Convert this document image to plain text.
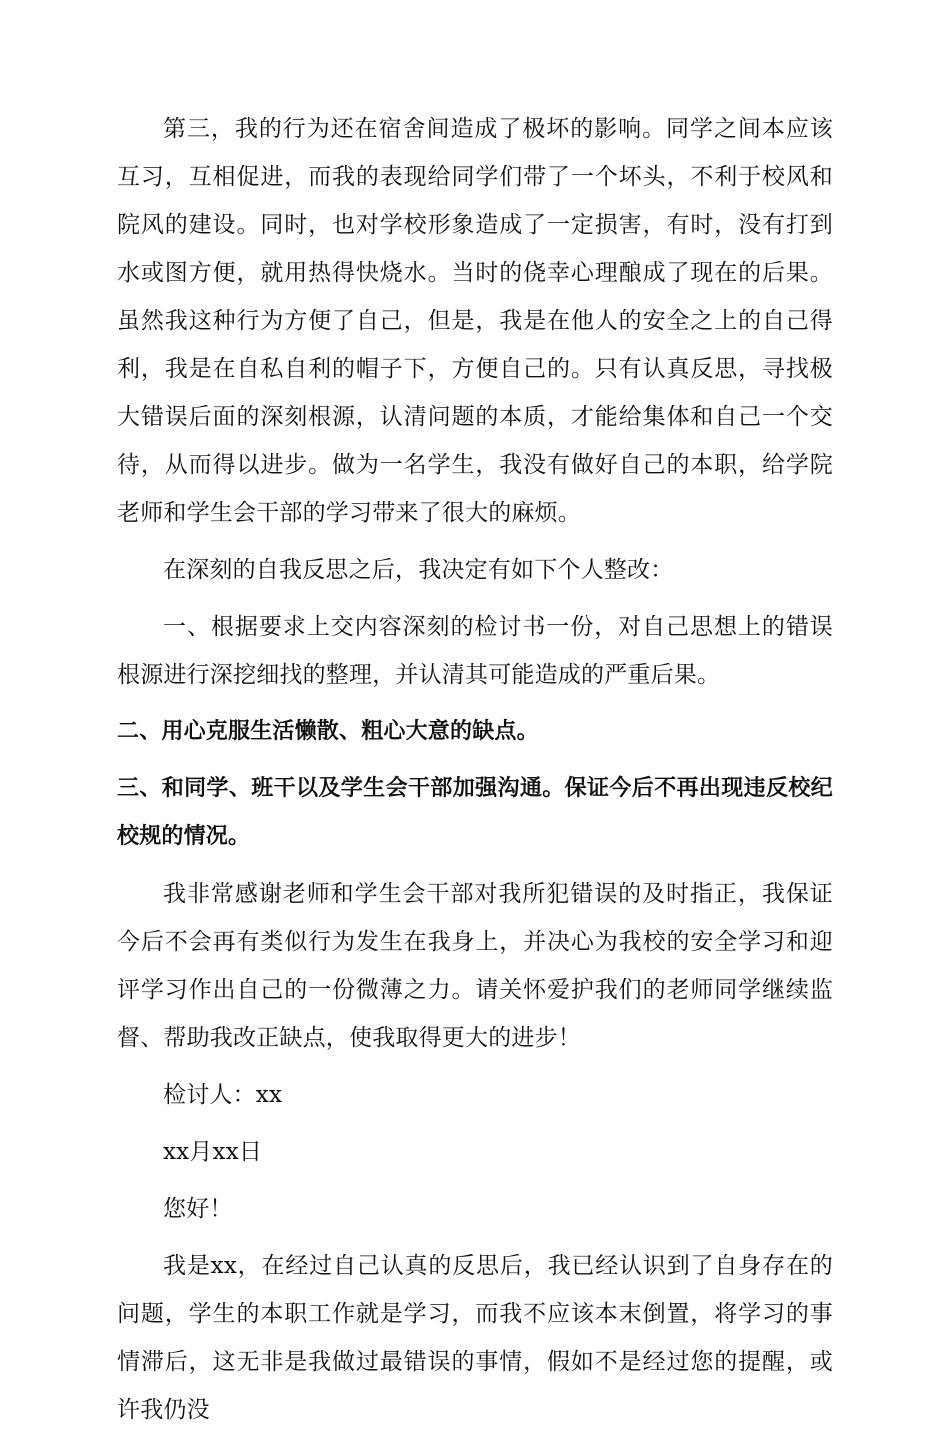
第三，我的行为还在宿舍间造成了极坏的影响。同学之间本应该互习，互相促进，而我的表现给同学们带了一个坏头，不利于校风和院风的建设。同时，也对学校形象造成了一定损害，有时，没有打到水或图方便，就用热得快烧水。当时的侥幸心理酿成了现在的后果。虽然我这种行为方便了自己，但是，我是在他人的安全之上的自己得利，我是在自私自利的帽子下，方便自己的。只有认真反思，寻找极大错误后面的深刻根源，认清问题的本质，才能给集体和自己一个交待，从而得以进步。做为一名学生，我没有做好自己的本职，给学院老师和学生会干部的学习带来了很大的麻烦。

在深刻的自我反思之后，我决定有如下个人整改：

一、根据要求上交内容深刻的检讨书一份，对自己思想上的错误根源进行深挖细找的整理，并认清其可能造成的严重后果。

二、用心克服生活懒散、粗心大意的缺点。

三、和同学、班干以及学生会干部加强沟通。保证今后不再出现违反校纪校规的情况。

我非常感谢老师和学生会干部对我所犯错误的及时指正，我保证今后不会再有类似行为发生在我身上，并决心为我校的安全学习和迎评学习作出自己的一份微薄之力。请关怀爱护我们的老师同学继续监督、帮助我改正缺点，使我取得更大的进步！

检讨人：xx

xx月xx日

您好！

我是xx，在经过自己认真的反思后，我已经认识到了自身存在的问题，学生的本职工作就是学习，而我不应该本末倒置，将学习的事情滞后，这无非是我做过最错误的事情，假如不是经过您的提醒，或许我仍没
